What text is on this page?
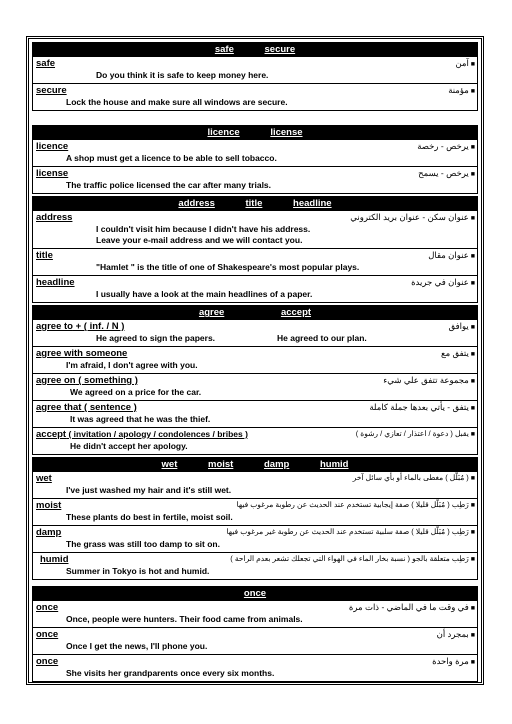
safe	secure
safe	■ آمن
Do you think it is safe to keep money here.
secure	■ مؤمنة
Lock the house and make sure all windows are secure.
licence	license
licence	■ يرخص - رخصة
A shop must get a licence to be able to sell tobacco.
license	■ يرخص - يسمح
The traffic police licensed the car after many trials.
address	title	headline
address	■ عنوان سكن - عنوان بريد الكتروني
I couldn't visit him because I didn't have his address.
Leave your e-mail address and we will contact you.
title	■ عنوان مقال
"Hamlet " is the title of one of Shakespeare's most popular plays.
headline	■ عنوان في جريدة
I usually have a look at the main headlines of a paper.
agree	accept
agree to + ( inf. / N )	■ يوافق
He agreed to sign the papers.	He agreed to our plan.
agree with someone	■ يتفق مع
I'm afraid, I don't agree with you.
agree on ( something )	■ مجموعة تتفق علي شيء
We agreed on a price for the car.
agree that ( sentence )	■ يتفق - يأتي بعدها جملة كاملة
It was agreed that he was the thief.
accept ( invitation / apology / condolences / bribes )	■ يقبل ( دعوة / اعتذار / تعازي / رشوة )
He didn't accept her apology.
wet	moist	damp	humid
wet	■ ( مُبَلَّل ) مغطى بالماء أو بأي سائل آخر
I've just washed my hair and it's still wet.
moist	■ رَطِب ( مُبَلَّل قليلا ) صفة إيجابية تستخدم عند الحديث عن رطوبة مرغوب فيها
These plants do best in fertile, moist soil.
damp	■ رَطِب ( مُبَلَّل قليلا ) صفة سلبية تستخدم عند الحديث عن رطوبة غير مرغوب فيها
The grass was still too damp to sit on.
humid	■ رَطِب متعلقة بالجو ( نسبة بخار الماء في الهواء التي تجعلك تشعر بعدم الراحة )
Summer in Tokyo is hot and humid.
once
once	■ في وقت ما في الماضي - ذات مرة
Once, people were hunters. Their food came from animals.
once	■ بمجرد أن
Once I get the news, I'll phone you.
once	■ مرة واحدة
She visits her grandparents once every six months.
